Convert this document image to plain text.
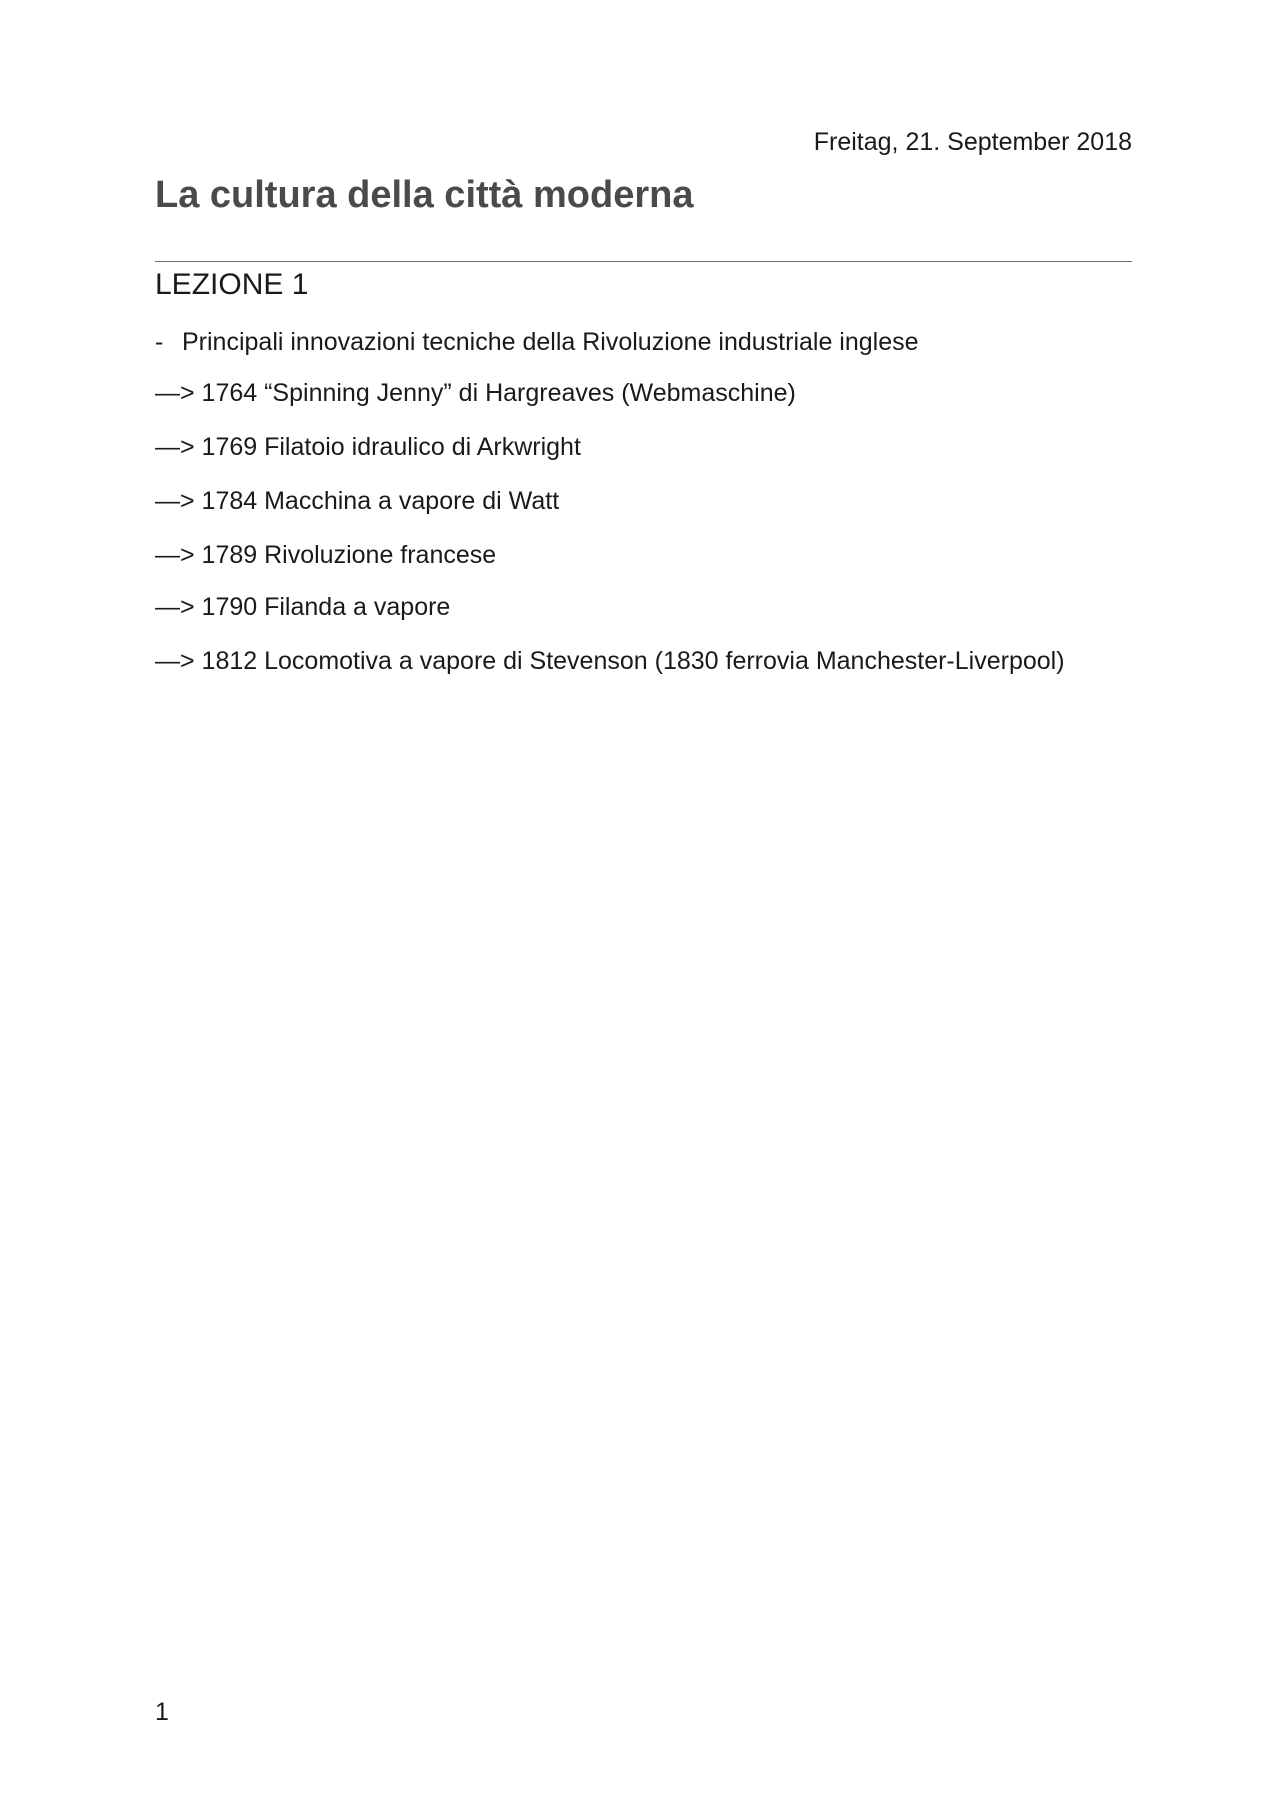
Freitag, 21. September 2018
La cultura della città moderna
LEZIONE 1
- Principali innovazioni tecniche della Rivoluzione industriale inglese
—> 1764 “Spinning Jenny” di Hargreaves (Webmaschine)
—> 1769 Filatoio idraulico di Arkwright
—> 1784 Macchina a vapore di Watt
—> 1789 Rivoluzione francese
—> 1790 Filanda a vapore
—> 1812 Locomotiva a vapore di Stevenson (1830 ferrovia Manchester-Liverpool)
1
